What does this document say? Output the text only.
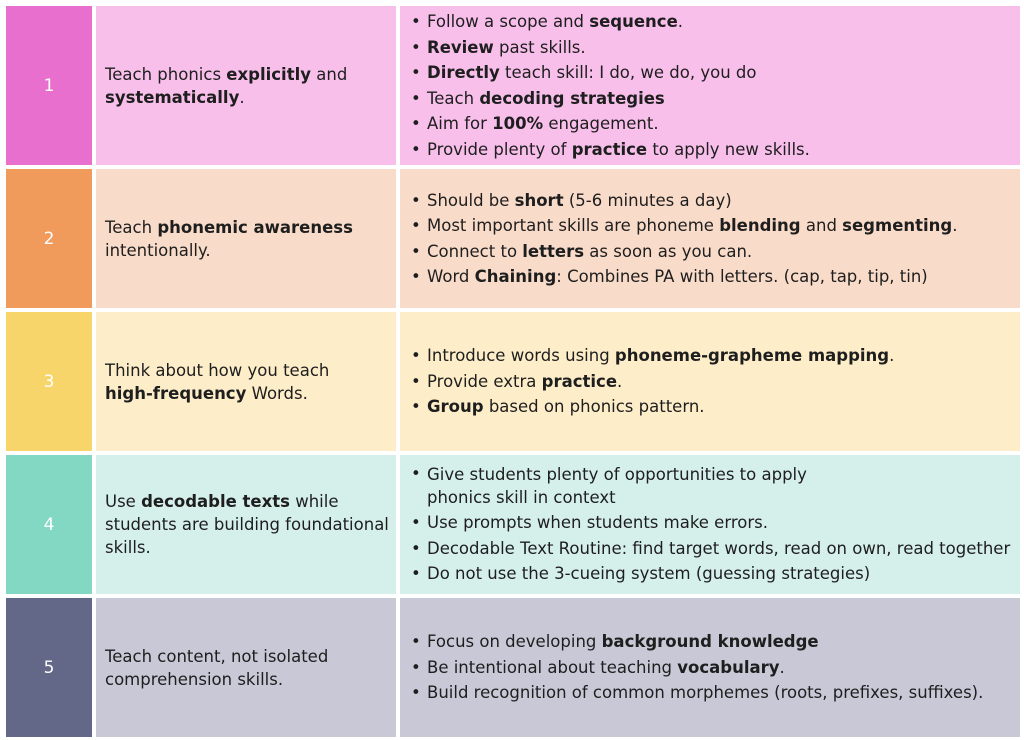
1
Teach phonics explicitly and systematically.
• Follow a scope and sequence.
• Review past skills.
• Directly teach skill: I do, we do, you do
• Teach decoding strategies
• Aim for 100% engagement.
• Provide plenty of practice to apply new skills.
2
Teach phonemic awareness intentionally.
• Should be short (5-6 minutes a day)
• Most important skills are phoneme blending and segmenting.
• Connect to letters as soon as you can.
• Word Chaining: Combines PA with letters. (cap, tap, tip, tin)
3
Think about how you teach high-frequency Words.
• Introduce words using phoneme-grapheme mapping.
• Provide extra practice.
• Group based on phonics pattern.
4
Use decodable texts while students are building foundational skills.
• Give students plenty of opportunities to apply
phonics skill in context
• Use prompts when students make errors.
• Decodable Text Routine: find target words, read on own, read together
• Do not use the 3-cueing system (guessing strategies)
5
Teach content, not isolated comprehension skills.
• Focus on developing background knowledge
• Be intentional about teaching vocabulary.
• Build recognition of common morphemes (roots, prefixes, suffixes).
